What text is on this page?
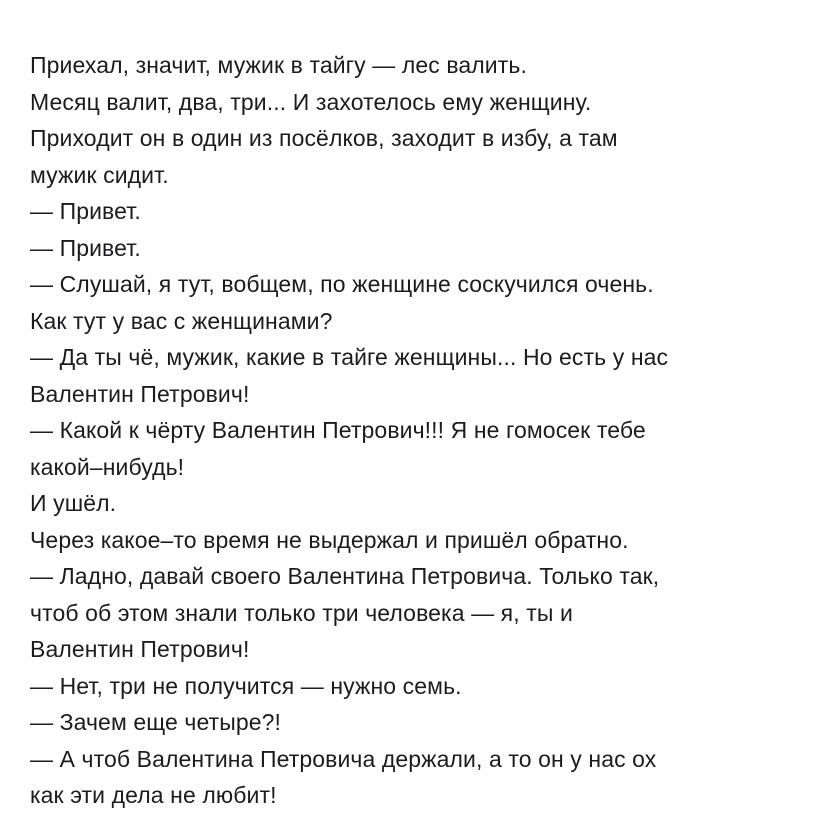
Приехал, значит, мужик в тайгу — лес валить.
Месяц валит, два, три... И захотелось ему женщину.
Приходит он в один из посёлков, заходит в избу, а там
мужик сидит.
— Привет.
— Привет.
— Слушай, я тут, вобщем, по женщине соскучился очень.
Как тут у вас с женщинами?
— Да ты чё, мужик, какие в тайге женщины... Но есть у нас
Валентин Петрович!
— Какой к чёрту Валентин Петрович!!! Я не гомосек тебе
какой–нибудь!
И ушёл.
Через какое–то время не выдержал и пришёл обратно.
— Ладно, давай своего Валентина Петровича. Только так,
чтоб об этом знали только три человека — я, ты и
Валентин Петрович!
— Нет, три не получится — нужно семь.
— Зачем еще четыре?!
— А чтоб Валентина Петровича держали, а то он у нас ох
как эти дела не любит!
